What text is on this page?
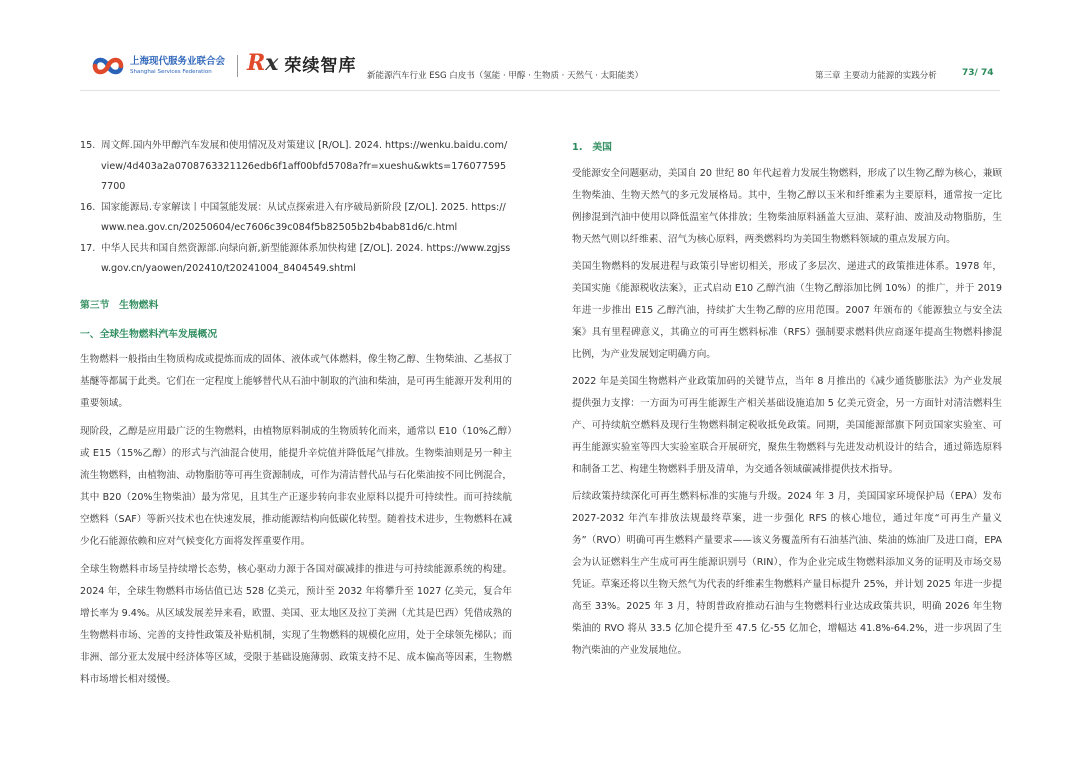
上海现代服务业联合会
Shanghai Services Federation	Rx 荣续智库
新能源汽车行业 ESG 白皮书（氢能 · 甲醇 · 生物质 · 天然气 · 太阳能类）	第三章 主要动力能源的实践分析	73/ 74
15. 周文辉.国内外甲醇汽车发展和使用情况及对策建议 [R/OL]. 2024. https://wenku.baidu.com/view/4d403a2a0708763321126edb6f1aff00bfd5708a?fr=xueshu&wkts=1760775957700
16. 国家能源局.专家解读丨中国氢能发展：从试点探索进入有序破局新阶段 [Z/OL]. 2025. https://www.nea.gov.cn/20250604/ec7606c39c084f5b82505b2b4bab81d6/c.html
17. 中华人民共和国自然资源部.向绿向新,新型能源体系加快构建 [Z/OL]. 2024. https://www.zgjssw.gov.cn/yaowen/202410/t20241004_8404549.shtml
第三节　生物燃料
一、全球生物燃料汽车发展概况
生物燃料一般指由生物质构成或提炼而成的固体、液体或气体燃料，像生物乙醇、生物柴油、乙基叔丁基醚等都属于此类。它们在一定程度上能够替代从石油中制取的汽油和柴油，是可再生能源开发利用的重要领域。
现阶段，乙醇是应用最广泛的生物燃料，由植物原料制成的生物质转化而来，通常以 E10（10%乙醇）或 E15（15%乙醇）的形式与汽油混合使用，能提升辛烷值并降低尾气排放。生物柴油则是另一种主流生物燃料，由植物油、动物脂肪等可再生资源制成，可作为清洁替代品与石化柴油按不同比例混合，其中 B20（20%生物柴油）最为常见，且其生产正逐步转向非农业原料以提升可持续性。而可持续航空燃料（SAF）等新兴技术也在快速发展，推动能源结构向低碳化转型。随着技术进步，生物燃料在减少化石能源依赖和应对气候变化方面将发挥重要作用。
全球生物燃料市场呈持续增长态势，核心驱动力源于各国对碳减排的推进与可持续能源系统的构建。2024 年，全球生物燃料市场估值已达 528 亿美元，预计至 2032 年将攀升至 1027 亿美元，复合年增长率为 9.4%。从区域发展差异来看，欧盟、美国、亚太地区及拉丁美洲（尤其是巴西）凭借成熟的生物燃料市场、完善的支持性政策及补贴机制，实现了生物燃料的规模化应用，处于全球领先梯队；而非洲、部分亚太发展中经济体等区域，受限于基础设施薄弱、政策支持不足、成本偏高等因素，生物燃料市场增长相对缓慢。
1.　美国
受能源安全问题驱动，美国自 20 世纪 80 年代起着力发展生物燃料，形成了以生物乙醇为核心，兼顾生物柴油、生物天然气的多元发展格局。其中，生物乙醇以玉米和纤维素为主要原料，通常按一定比例掺混到汽油中使用以降低温室气体排放；生物柴油原料涵盖大豆油、菜籽油、废油及动物脂肪，生物天然气则以纤维素、沼气为核心原料，两类燃料均为美国生物燃料领域的重点发展方向。
美国生物燃料的发展进程与政策引导密切相关，形成了多层次、递进式的政策推进体系。1978 年，美国实施《能源税收法案》，正式启动 E10 乙醇汽油（生物乙醇添加比例 10%）的推广，并于 2019 年进一步推出 E15 乙醇汽油，持续扩大生物乙醇的应用范围。2007 年颁布的《能源独立与安全法案》具有里程碑意义，其确立的可再生燃料标准（RFS）强制要求燃料供应商逐年提高生物燃料掺混比例，为产业发展划定明确方向。
2022 年是美国生物燃料产业政策加码的关键节点，当年 8 月推出的《减少通货膨胀法》为产业发展提供强力支撑：一方面为可再生能源生产相关基础设施追加 5 亿美元资金，另一方面针对清洁燃料生产、可持续航空燃料及现行生物燃料制定税收抵免政策。同期，美国能源部旗下阿贡国家实验室、可再生能源实验室等四大实验室联合开展研究，聚焦生物燃料与先进发动机设计的结合，通过筛选原料和制备工艺、构建生物燃料手册及清单，为交通各领域碳减排提供技术指导。
后续政策持续深化可再生燃料标准的实施与升级。2024 年 3 月，美国国家环境保护局（EPA）发布 2027-2032 年汽车排放法规最终草案，进一步强化 RFS 的核心地位，通过年度“可再生产量义务”（RVO）明确可再生燃料产量要求——该义务覆盖所有石油基汽油、柴油的炼油厂及进口商，EPA 会为认证燃料生产生成可再生能源识别号（RIN），作为企业完成生物燃料添加义务的证明及市场交易凭证。草案还将以生物天然气为代表的纤维素生物燃料产量目标提升 25%，并计划 2025 年进一步提高至 33%。2025 年 3 月，特朗普政府推动石油与生物燃料行业达成政策共识，明确 2026 年生物柴油的 RVO 将从 33.5 亿加仑提升至 47.5 亿-55 亿加仑，增幅达 41.8%-64.2%，进一步巩固了生物汽柴油的产业发展地位。
